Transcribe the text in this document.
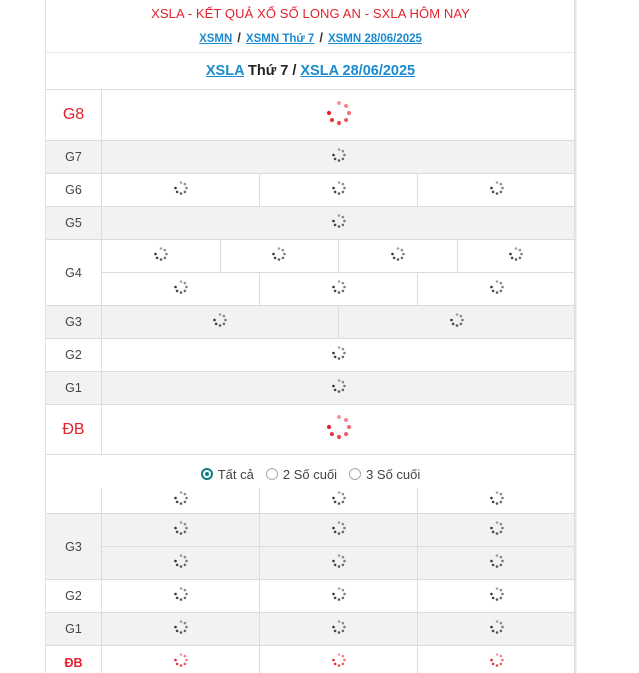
XSLA - KẾT QUẢ XỔ SỐ LONG AN - SXLA HÔM NAY
XSMN / XSMN Thứ 7 / XSMN 28/06/2025
XSLA Thứ 7 / XSLA 28/06/2025
G8
G7
G6
G5
G4
G3
G2
G1
ĐB
Tất cả 2 Số cuối 3 Số cuối
G3
G2
G1
ĐB
